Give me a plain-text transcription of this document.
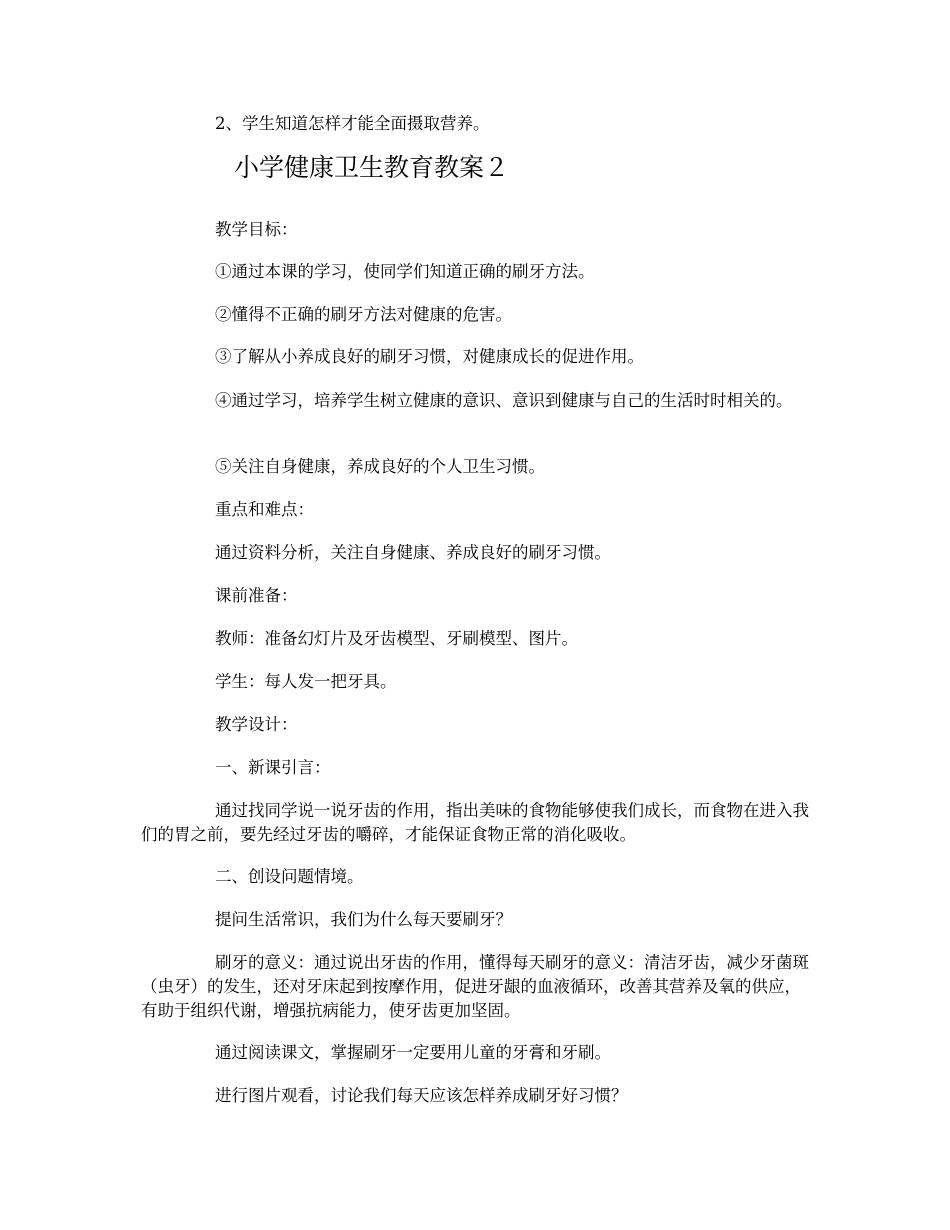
2、学生知道怎样才能全面摄取营养。

小学健康卫生教育教案２

教学目标：

①通过本课的学习，使同学们知道正确的刷牙方法。

②懂得不正确的刷牙方法对健康的危害。

③了解从小养成良好的刷牙习惯，对健康成长的促进作用。

④通过学习，培养学生树立健康的意识、意识到健康与自己的生活时时相关的。

⑤关注自身健康，养成良好的个人卫生习惯。

重点和难点：

通过资料分析，关注自身健康、养成良好的刷牙习惯。

课前准备：

教师：准备幻灯片及牙齿模型、牙刷模型、图片。

学生：每人发一把牙具。

教学设计：

一、新课引言：

通过找同学说一说牙齿的作用，指出美味的食物能够使我们成长，而食物在进入我们的胃之前，要先经过牙齿的嚼碎，才能保证食物正常的消化吸收。

二、创设问题情境。

提问生活常识，我们为什么每天要刷牙？

刷牙的意义：通过说出牙齿的作用，懂得每天刷牙的意义：清洁牙齿，减少牙菌斑（虫牙）的发生，还对牙床起到按摩作用，促进牙龈的血液循环，改善其营养及氧的供应，有助于组织代谢，增强抗病能力，使牙齿更加坚固。

通过阅读课文，掌握刷牙一定要用儿童的牙膏和牙刷。

进行图片观看，讨论我们每天应该怎样养成刷牙好习惯？
